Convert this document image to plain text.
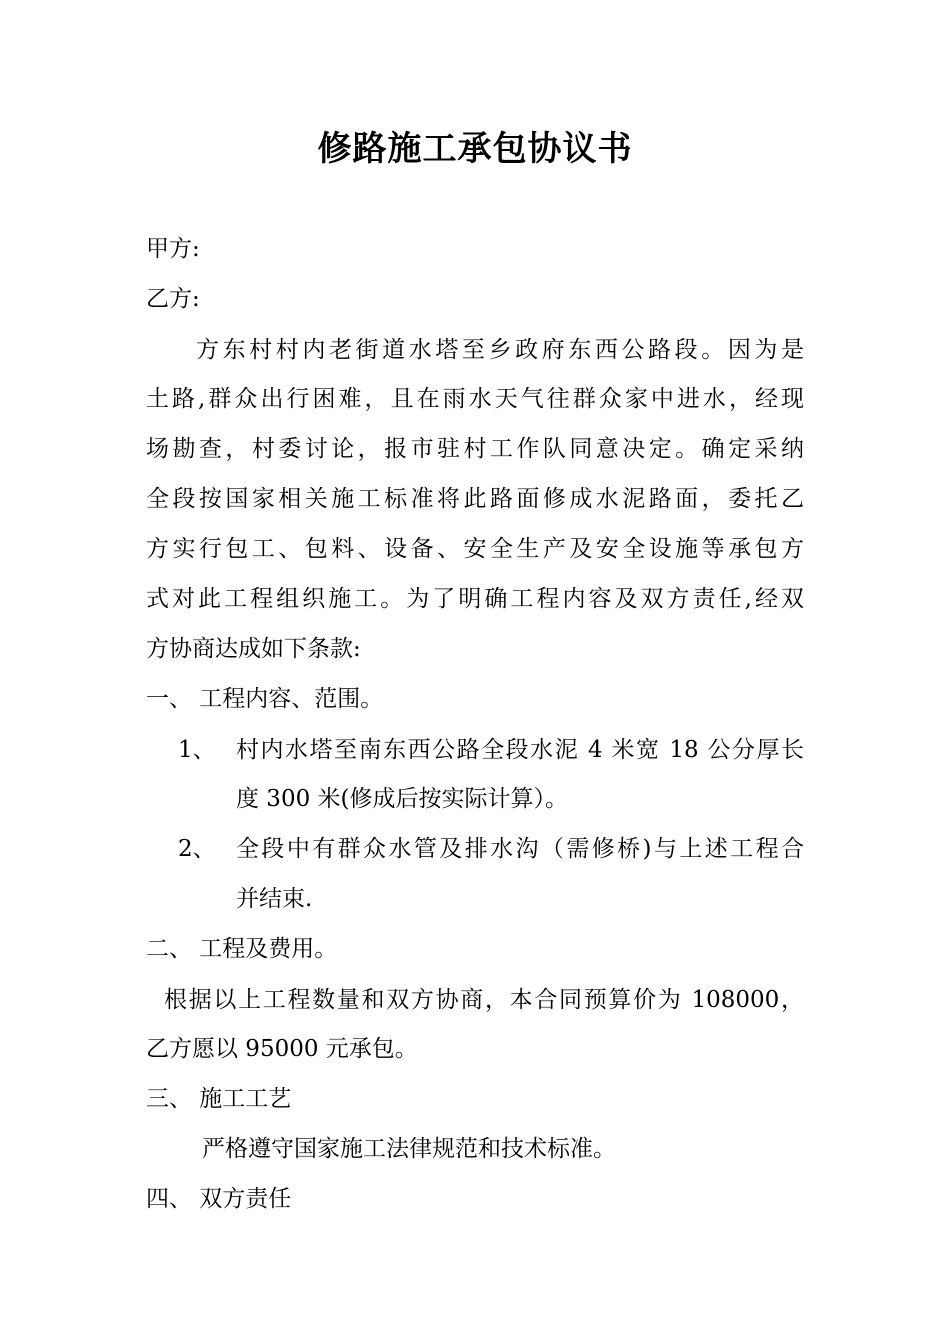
修路施工承包协议书
甲方:
乙方:
方东村村内老街道水塔至乡政府东西公路段。因为是
土路,群众出行困难，且在雨水天气往群众家中进水，经现
场勘查，村委讨论，报市驻村工作队同意决定。确定采纳
全段按国家相关施工标准将此路面修成水泥路面，委托乙
方实行包工、包料、设备、安全生产及安全设施等承包方
式对此工程组织施工。为了明确工程内容及双方责任,经双
方协商达成如下条款:
一、 工程内容、范围。
1、 村内水塔至南东西公路全段水泥 4 米宽 18 公分厚长
度 300 米(修成后按实际计算）。
2、 全段中有群众水管及排水沟（需修桥)与上述工程合
并结束.
二、 工程及费用。
根据以上工程数量和双方协商，本合同预算价为 108000，
乙方愿以 95000 元承包。
三、 施工工艺
严格遵守国家施工法律规范和技术标准。
四、 双方责任
